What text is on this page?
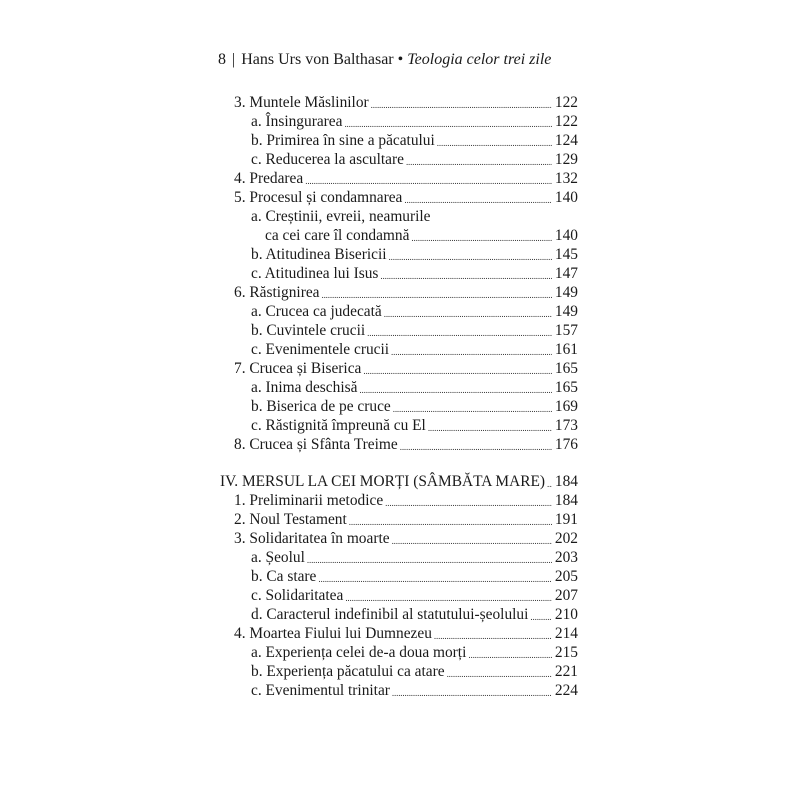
8 | Hans Urs von Balthasar • Teologia celor trei zile
3. Muntele Măslinilor . . .	122
a. Însingurarea . . .	122
b. Primirea în sine a păcatului . . .	124
c. Reducerea la ascultare . . .	129
4. Predarea . . .	132
5. Procesul și condamnarea . . .	140
a. Creștinii, evreii, neamurile
ca cei care îl condamnă . . .	140
b. Atitudinea Bisericii . . .	145
c. Atitudinea lui Isus . . .	147
6. Răstignirea . . .	149
a. Crucea ca judecată . . .	149
b. Cuvintele crucii . . .	157
c. Evenimentele crucii . . .	161
7. Crucea și Biserica . . .	165
a. Inima deschisă . . .	165
b. Biserica de pe cruce . . .	169
c. Răstignită împreună cu El . . .	173
8. Crucea și Sfânta Treime . . .	176
IV. MERSUL LA CEI MORȚI (SÂMBĂTA MARE) . . . 184
1. Preliminarii metodice . . .	184
2. Noul Testament . . .	191
3. Solidaritatea în moarte . . .	202
a. Șeolul . . .	203
b. Ca stare . . .	205
c. Solidaritatea . . .	207
d. Caracterul indefinibil al statutului-șeolului . . . 210
4. Moartea Fiului lui Dumnezeu . . .	214
a. Experiența celei de-a doua morți . . .	215
b. Experiența păcatului ca atare . . .	221
c. Evenimentul trinitar . . .	224
